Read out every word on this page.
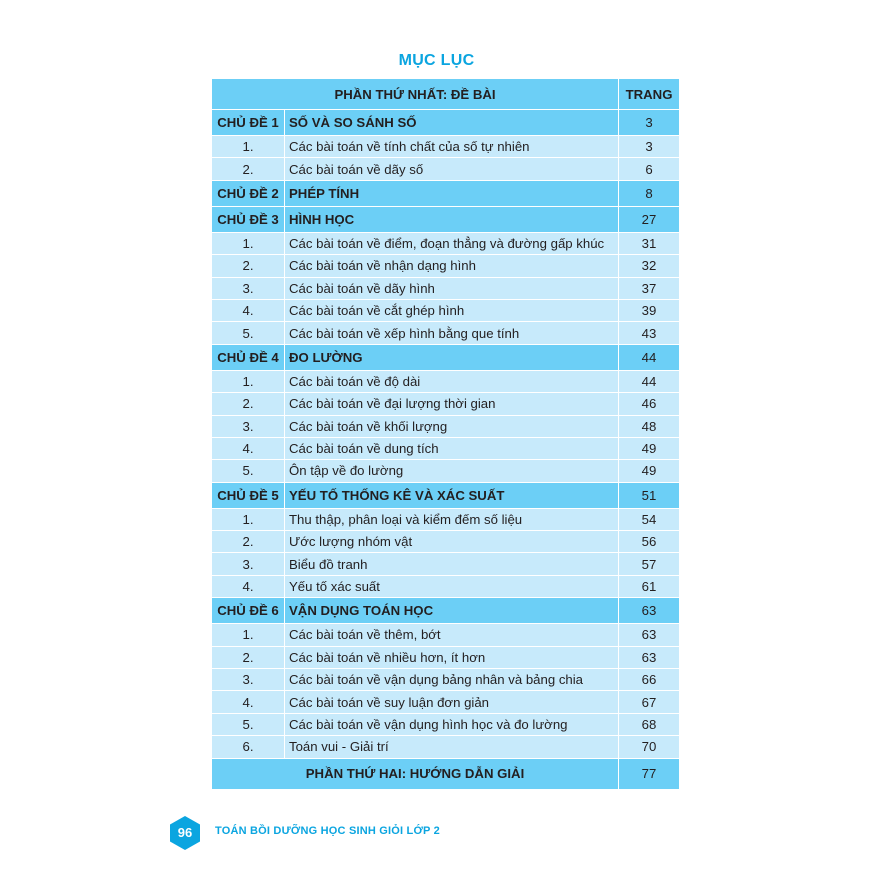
MỤC LỤC
PHẦN THỨ NHẤT: ĐỀ BÀI		TRANG
CHỦ ĐỀ 1	SỐ VÀ SO SÁNH SỐ	3
1.	Các bài toán về tính chất của số tự nhiên	3
2.	Các bài toán về dãy số	6
CHỦ ĐỀ 2	PHÉP TÍNH	8
CHỦ ĐỀ 3	HÌNH HỌC	27
1.	Các bài toán về điểm, đoạn thẳng và đường gấp khúc	31
2.	Các bài toán về nhận dạng hình	32
3.	Các bài toán về dãy hình	37
4.	Các bài toán về cắt ghép hình	39
5.	Các bài toán về xếp hình bằng que tính	43
CHỦ ĐỀ 4	ĐO LƯỜNG	44
1.	Các bài toán về độ dài	44
2.	Các bài toán về đại lượng thời gian	46
3.	Các bài toán về khối lượng	48
4.	Các bài toán về dung tích	49
5.	Ôn tập về đo lường	49
CHỦ ĐỀ 5	YẾU TỐ THỐNG KÊ VÀ XÁC SUẤT	51
1.	Thu thập, phân loại và kiểm đếm số liệu	54
2.	Ước lượng nhóm vật	56
3.	Biểu đồ tranh	57
4.	Yếu tố xác suất	61
CHỦ ĐỀ 6	VẬN DỤNG TOÁN HỌC	63
1.	Các bài toán về thêm, bớt	63
2.	Các bài toán về nhiều hơn, ít hơn	63
3.	Các bài toán về vận dụng bảng nhân và bảng chia	66
4.	Các bài toán về suy luận đơn giản	67
5.	Các bài toán về vận dụng hình học và đo lường	68
6.	Toán vui - Giải trí	70
PHẦN THỨ HAI: HƯỚNG DẪN GIẢI		77
96	TOÁN BỒI DƯỠNG HỌC SINH GIỎI LỚP 2
